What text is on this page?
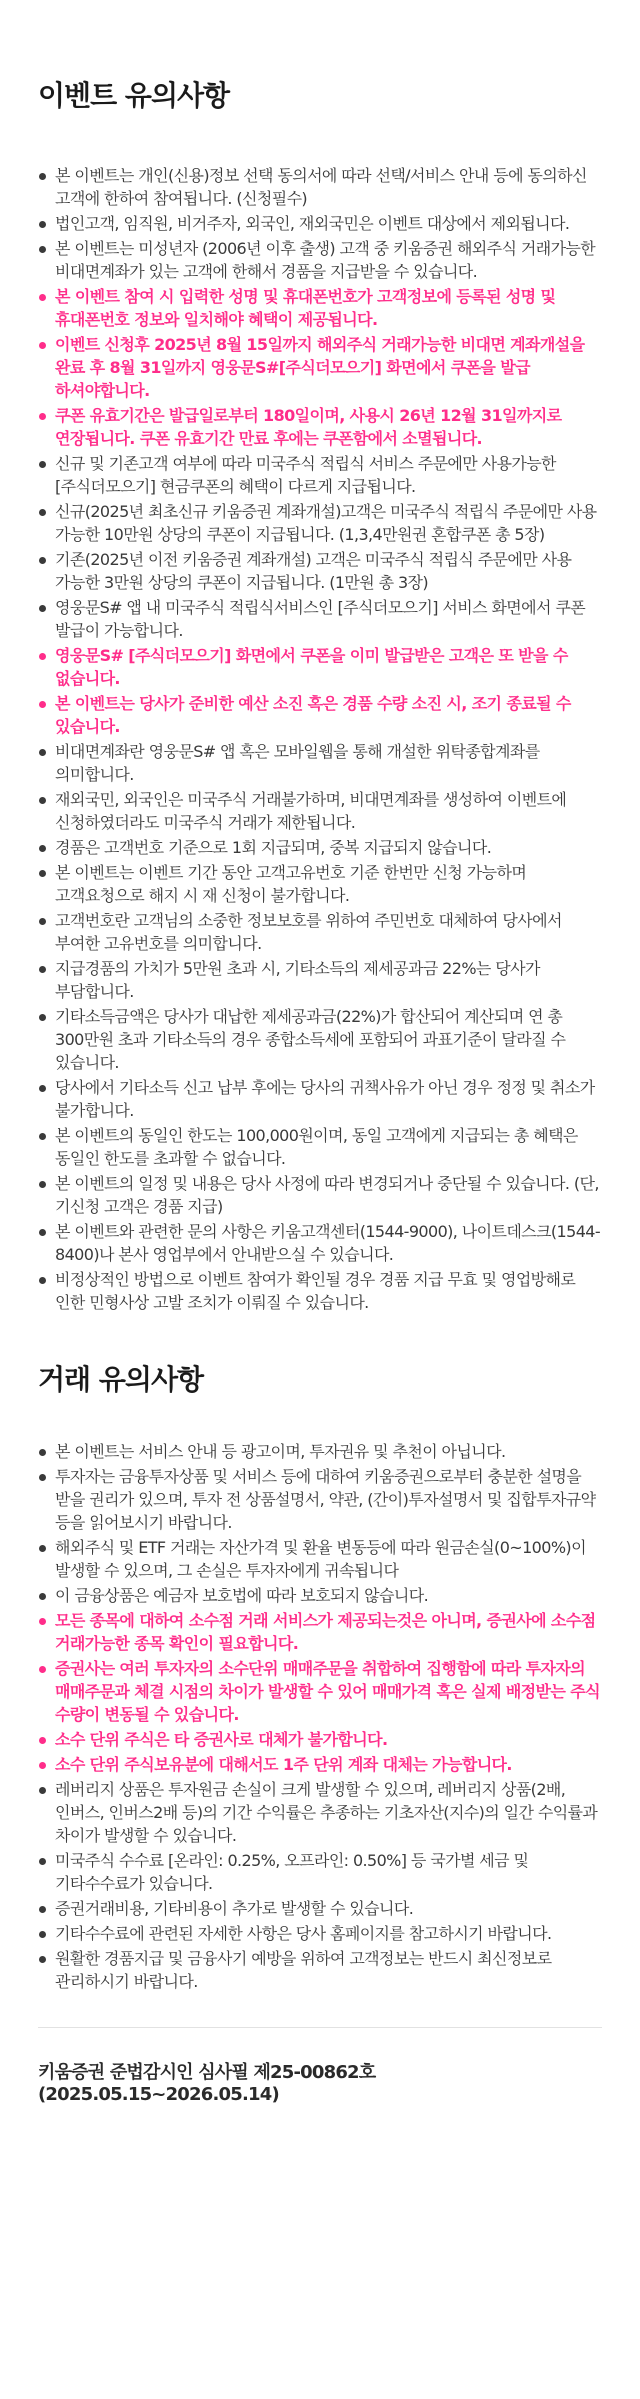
이벤트 유의사항
본 이벤트는 개인(신용)정보 선택 동의서에 따라 선택/서비스 안내 등에 동의하신 고객에 한하여 참여됩니다. (신청필수)
법인고객, 임직원, 비거주자, 외국인, 재외국민은 이벤트 대상에서 제외됩니다.
본 이벤트는 미성년자 (2006년 이후 출생) 고객 중 키움증권 해외주식 거래가능한 비대면계좌가 있는 고객에 한해서 경품을 지급받을 수 있습니다.
본 이벤트 참여 시 입력한 성명 및 휴대폰번호가 고객정보에 등록된 성명 및 휴대폰번호 정보와 일치해야 혜택이 제공됩니다.
이벤트 신청후 2025년 8월 15일까지 해외주식 거래가능한 비대면 계좌개설을 완료 후 8월 31일까지 영웅문S#[주식더모으기] 화면에서 쿠폰을 발급 하셔야합니다.
쿠폰 유효기간은 발급일로부터 180일이며, 사용시 26년 12월 31일까지로 연장됩니다. 쿠폰 유효기간 만료 후에는 쿠폰함에서 소멸됩니다.
신규 및 기존고객 여부에 따라 미국주식 적립식 서비스 주문에만 사용가능한 [주식더모으기] 현금쿠폰의 혜택이 다르게 지급됩니다.
신규(2025년 최초신규 키움증권 계좌개설)고객은 미국주식 적립식 주문에만 사용 가능한 10만원 상당의 쿠폰이 지급됩니다. (1,3,4만원권 혼합쿠폰 총 5장)
기존(2025년 이전 키움증권 계좌개설) 고객은 미국주식 적립식 주문에만 사용 가능한 3만원 상당의 쿠폰이 지급됩니다. (1만원 총 3장)
영웅문S# 앱 내 미국주식 적립식서비스인 [주식더모으기] 서비스 화면에서 쿠폰 발급이 가능합니다.
영웅문S# [주식더모으기] 화면에서 쿠폰을 이미 발급받은 고객은 또 받을 수 없습니다.
본 이벤트는 당사가 준비한 예산 소진 혹은 경품 수량 소진 시, 조기 종료될 수 있습니다.
비대면계좌란 영웅문S# 앱 혹은 모바일웹을 통해 개설한 위탁종합계좌를 의미합니다.
재외국민, 외국인은 미국주식 거래불가하며, 비대면계좌를 생성하여 이벤트에 신청하였더라도 미국주식 거래가 제한됩니다.
경품은 고객번호 기준으로 1회 지급되며, 중복 지급되지 않습니다.
본 이벤트는 이벤트 기간 동안 고객고유번호 기준 한번만 신청 가능하며 고객요청으로 해지 시 재 신청이 불가합니다.
고객번호란 고객님의 소중한 정보보호를 위하여 주민번호 대체하여 당사에서 부여한 고유번호를 의미합니다.
지급경품의 가치가 5만원 초과 시, 기타소득의 제세공과금 22%는 당사가 부담합니다.
기타소득금액은 당사가 대납한 제세공과금(22%)가 합산되어 계산되며 연 총 300만원 초과 기타소득의 경우 종합소득세에 포함되어 과표기준이 달라질 수 있습니다.
당사에서 기타소득 신고 납부 후에는 당사의 귀책사유가 아닌 경우 정정 및 취소가 불가합니다.
본 이벤트의 동일인 한도는 100,000원이며, 동일 고객에게 지급되는 총 혜택은 동일인 한도를 초과할 수 없습니다.
본 이벤트의 일정 및 내용은 당사 사정에 따라 변경되거나 중단될 수 있습니다. (단, 기신청 고객은 경품 지급)
본 이벤트와 관련한 문의 사항은 키움고객센터(1544-9000), 나이트데스크(1544-8400)나 본사 영업부에서 안내받으실 수 있습니다.
비정상적인 방법으로 이벤트 참여가 확인될 경우 경품 지급 무효 및 영업방해로 인한 민형사상 고발 조치가 이뤄질 수 있습니다.
거래 유의사항
본 이벤트는 서비스 안내 등 광고이며, 투자권유 및 추천이 아닙니다.
투자자는 금융투자상품 및 서비스 등에 대하여 키움증권으로부터 충분한 설명을 받을 권리가 있으며, 투자 전 상품설명서, 약관, (간이)투자설명서 및 집합투자규약 등을 읽어보시기 바랍니다.
해외주식 및 ETF 거래는 자산가격 및 환율 변동등에 따라 원금손실(0~100%)이 발생할 수 있으며, 그 손실은 투자자에게 귀속됩니다
이 금융상품은 예금자 보호법에 따라 보호되지 않습니다.
모든 종목에 대하여 소수점 거래 서비스가 제공되는것은 아니며, 증권사에 소수점 거래가능한 종목 확인이 필요합니다.
증권사는 여러 투자자의 소수단위 매매주문을 취합하여 집행함에 따라 투자자의 매매주문과 체결 시점의 차이가 발생할 수 있어 매매가격 혹은 실제 배정받는 주식 수량이 변동될 수 있습니다.
소수 단위 주식은 타 증권사로 대체가 불가합니다.
소수 단위 주식보유분에 대해서도 1주 단위 계좌 대체는 가능합니다.
레버리지 상품은 투자원금 손실이 크게 발생할 수 있으며, 레버리지 상품(2배, 인버스, 인버스2배 등)의 기간 수익률은 추종하는 기초자산(지수)의 일간 수익률과 차이가 발생할 수 있습니다.
미국주식 수수료 [온라인: 0.25%, 오프라인: 0.50%] 등 국가별 세금 및 기타수수료가 있습니다.
증권거래비용, 기타비용이 추가로 발생할 수 있습니다.
기타수수료에 관련된 자세한 사항은 당사 홈페이지를 참고하시기 바랍니다.
원활한 경품지급 및 금융사기 예방을 위하여 고객정보는 반드시 최신정보로 관리하시기 바랍니다.

키움증권 준법감시인 심사필 제25-00862호(2025.05.15~2026.05.14)
